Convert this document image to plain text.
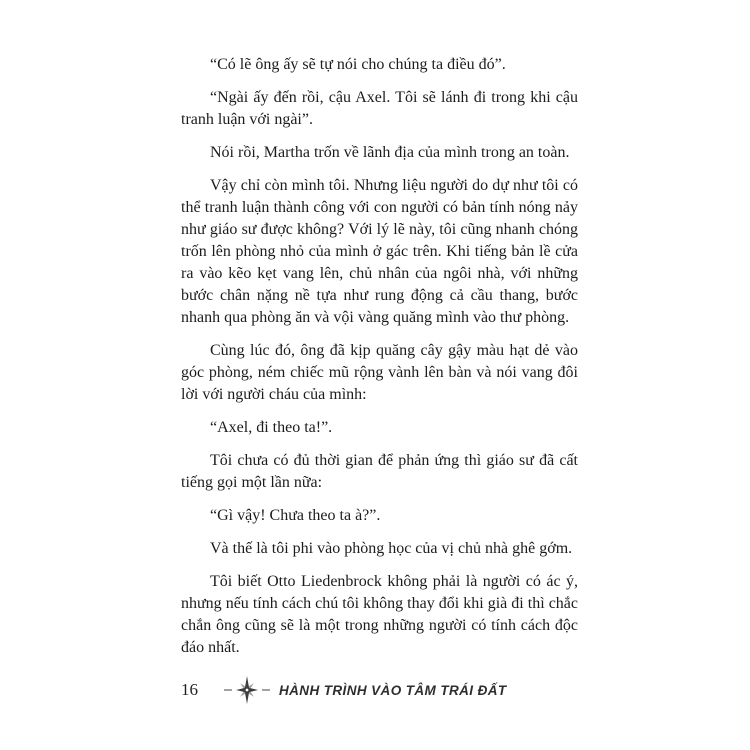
“Có lẽ ông ấy sẽ tự nói cho chúng ta điều đó”.

“Ngài ấy đến rồi, cậu Axel. Tôi sẽ lánh đi trong khi cậu tranh luận với ngài”.

Nói rồi, Martha trốn về lãnh địa của mình trong an toàn.

Vậy chỉ còn mình tôi. Nhưng liệu người do dự như tôi có thể tranh luận thành công với con người có bản tính nóng nảy như giáo sư được không? Với lý lẽ này, tôi cũng nhanh chóng trốn lên phòng nhỏ của mình ở gác trên. Khi tiếng bản lề cửa ra vào kẽo kẹt vang lên, chủ nhân của ngôi nhà, với những bước chân nặng nề tựa như rung động cả cầu thang, bước nhanh qua phòng ăn và vội vàng quăng mình vào thư phòng.

Cùng lúc đó, ông đã kịp quăng cây gậy màu hạt dẻ vào góc phòng, ném chiếc mũ rộng vành lên bàn và nói vang đôi lời với người cháu của mình:

“Axel, đi theo ta!”.

Tôi chưa có đủ thời gian để phản ứng thì giáo sư đã cất tiếng gọi một lần nữa:

“Gì vậy! Chưa theo ta à?”.

Và thế là tôi phi vào phòng học của vị chủ nhà ghê gớm.

Tôi biết Otto Liedenbrock không phải là người có ác ý, nhưng nếu tính cách chú tôi không thay đổi khi già đi thì chắc chắn ông cũng sẽ là một trong những người có tính cách độc đáo nhất.

16	HÀNH TRÌNH VÀO TÂM TRÁI ĐẤT
